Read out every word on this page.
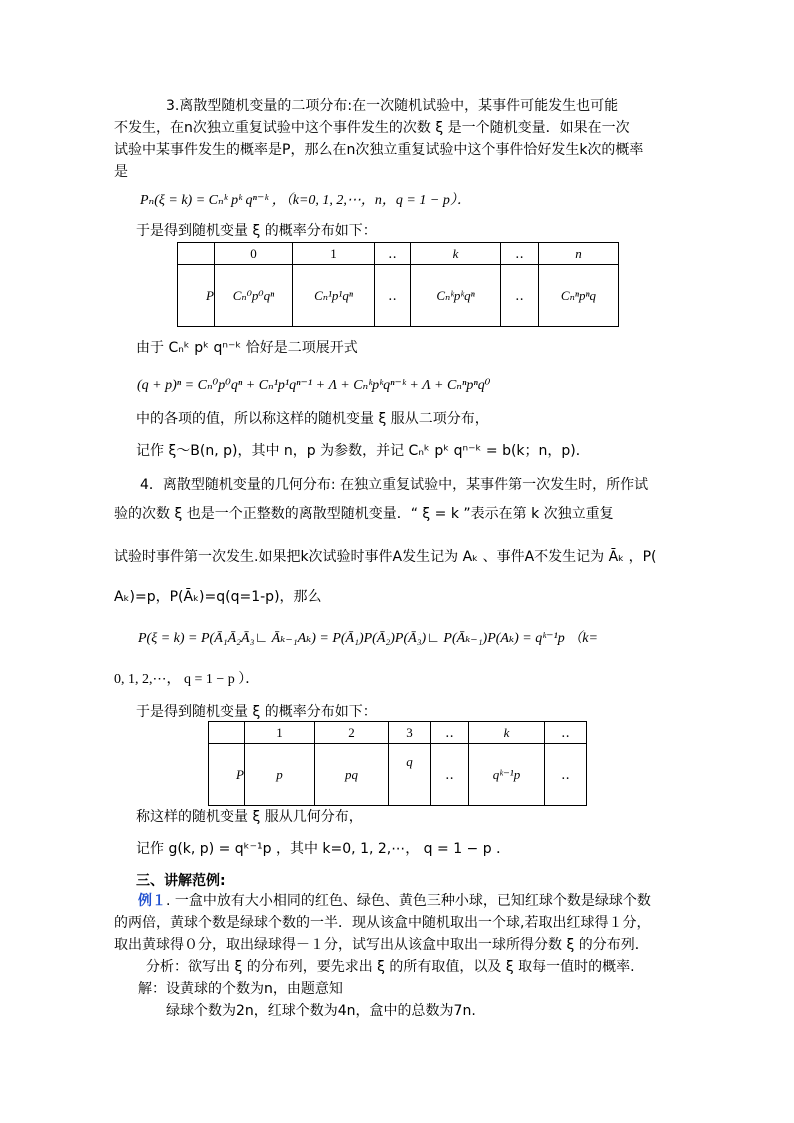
3.离散型随机变量的二项分布:在一次随机试验中，某事件可能发生也可能
不发生，在n次独立重复试验中这个事件发生的次数 ξ 是一个随机变量．如果在一次
试验中某事件发生的概率是P，那么在n次独立重复试验中这个事件恰好发生k次的概率
是
Pₙ(ξ = k) = Cₙᵏ pᵏ qⁿ⁻ᵏ ，（k=0, 1, 2,⋯，n，q = 1 − p）．
于是得到随机变量 ξ 的概率分布如下：
	0	1	‥	k	‥	n
P	Cₙ⁰p⁰qⁿ	Cₙ¹p¹qⁿ	‥	Cₙᵏpᵏqⁿ	‥	Cₙⁿpⁿq
由于 Cₙᵏ pᵏ qⁿ⁻ᵏ 恰好是二项展开式
(q + p)ⁿ = Cₙ⁰p⁰qⁿ + Cₙ¹p¹qⁿ⁻¹ + Λ + Cₙᵏpᵏqⁿ⁻ᵏ + Λ + Cₙⁿpⁿq⁰
中的各项的值，所以称这样的随机变量 ξ 服从二项分布，
记作 ξ～B(n, p)，其中 n，p 为参数，并记 Cₙᵏ pᵏ qⁿ⁻ᵏ = b(k；n，p)．
4．离散型随机变量的几何分布: 在独立重复试验中，某事件第一次发生时，所作试
验的次数 ξ 也是一个正整数的离散型随机变量．“ ξ = k ”表示在第 k 次独立重复
试验时事件第一次发生.如果把k次试验时事件A发生记为 Aₖ 、事件A不发生记为 Āₖ ，P(
Aₖ)=p，P(Āₖ)=q(q=1-p)，那么
P(ξ = k) = P(Ā₁Ā₂Ā₃∟ Āₖ₋₁Aₖ) = P(Ā₁)P(Ā₂)P(Ā₃)∟ P(Āₖ₋₁)P(Aₖ) = qᵏ⁻¹p （k=
0, 1, 2,⋯， q = 1 − p ）．
于是得到随机变量 ξ 的概率分布如下：
	1	2	3	‥	k	‥
P	p	pq	q	‥	qᵏ⁻¹p	‥
称这样的随机变量 ξ 服从几何分布，
记作 g(k, p) = qᵏ⁻¹p ，其中 k=0, 1, 2,⋯， q = 1 − p ．
三、讲解范例:
例１. 一盒中放有大小相同的红色、绿色、黄色三种小球，已知红球个数是绿球个数
的两倍，黄球个数是绿球个数的一半．现从该盒中随机取出一个球,若取出红球得１分，
取出黄球得０分，取出绿球得－１分，试写出从该盒中取出一球所得分数 ξ 的分布列．
分析：欲写出 ξ 的分布列，要先求出 ξ 的所有取值，以及 ξ 取每一值时的概率.
解：设黄球的个数为n，由题意知
绿球个数为2n，红球个数为4n，盒中的总数为7n.
